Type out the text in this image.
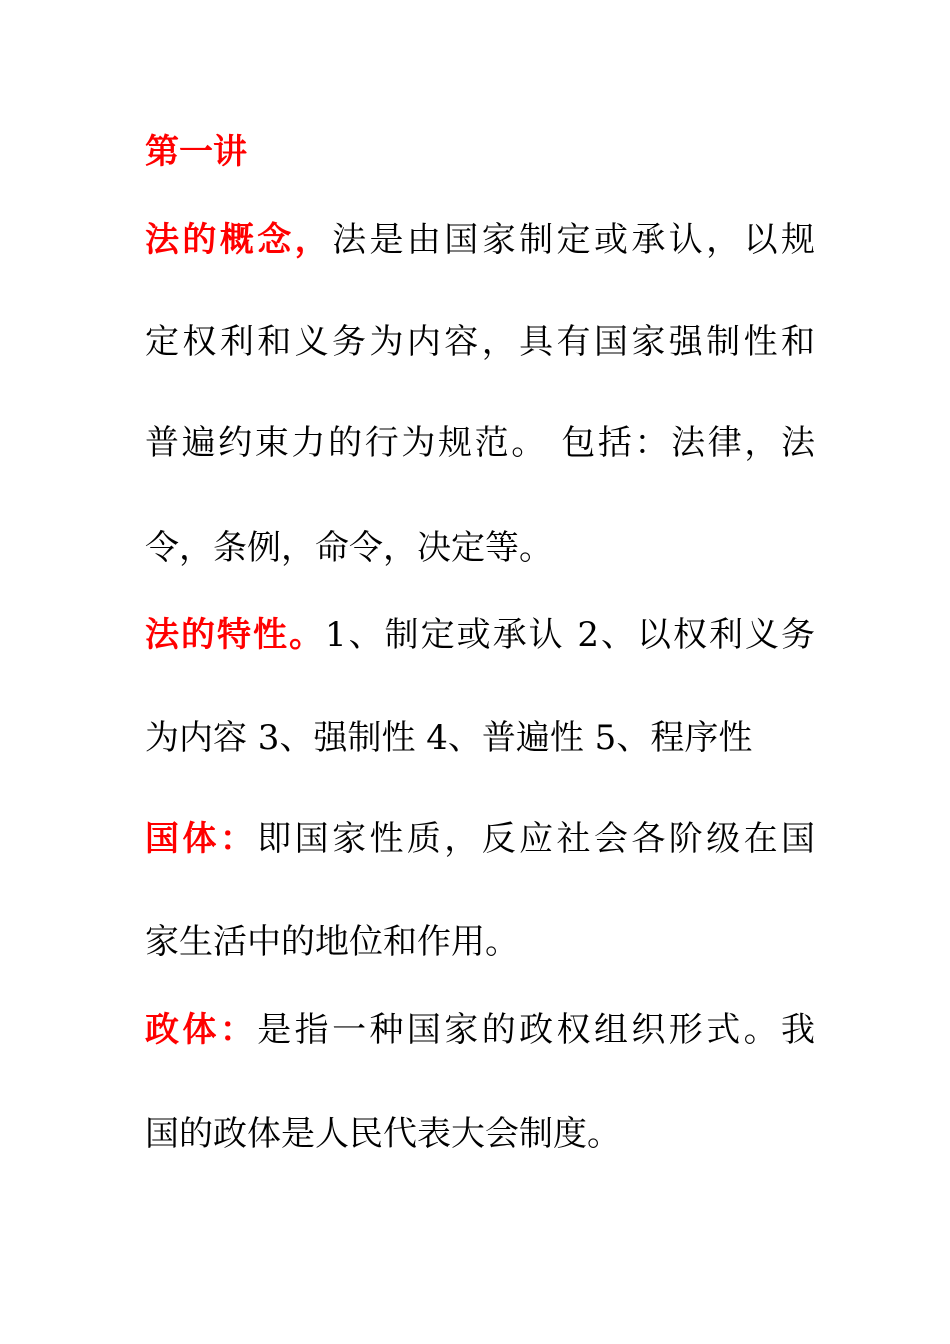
第一讲
法的概念，法是由国家制定或承认，以规
定权利和义务为内容，具有国家强制性和
普遍约束力的行为规范。 包括：法律，法
令，条例，命令，决定等。
法的特性。1、制定或承认 2、以权利义务
为内容 3、强制性 4、普遍性 5、程序性
国体：即国家性质，反应社会各阶级在国
家生活中的地位和作用。
政体：是指一种国家的政权组织形式。我
国的政体是人民代表大会制度。
